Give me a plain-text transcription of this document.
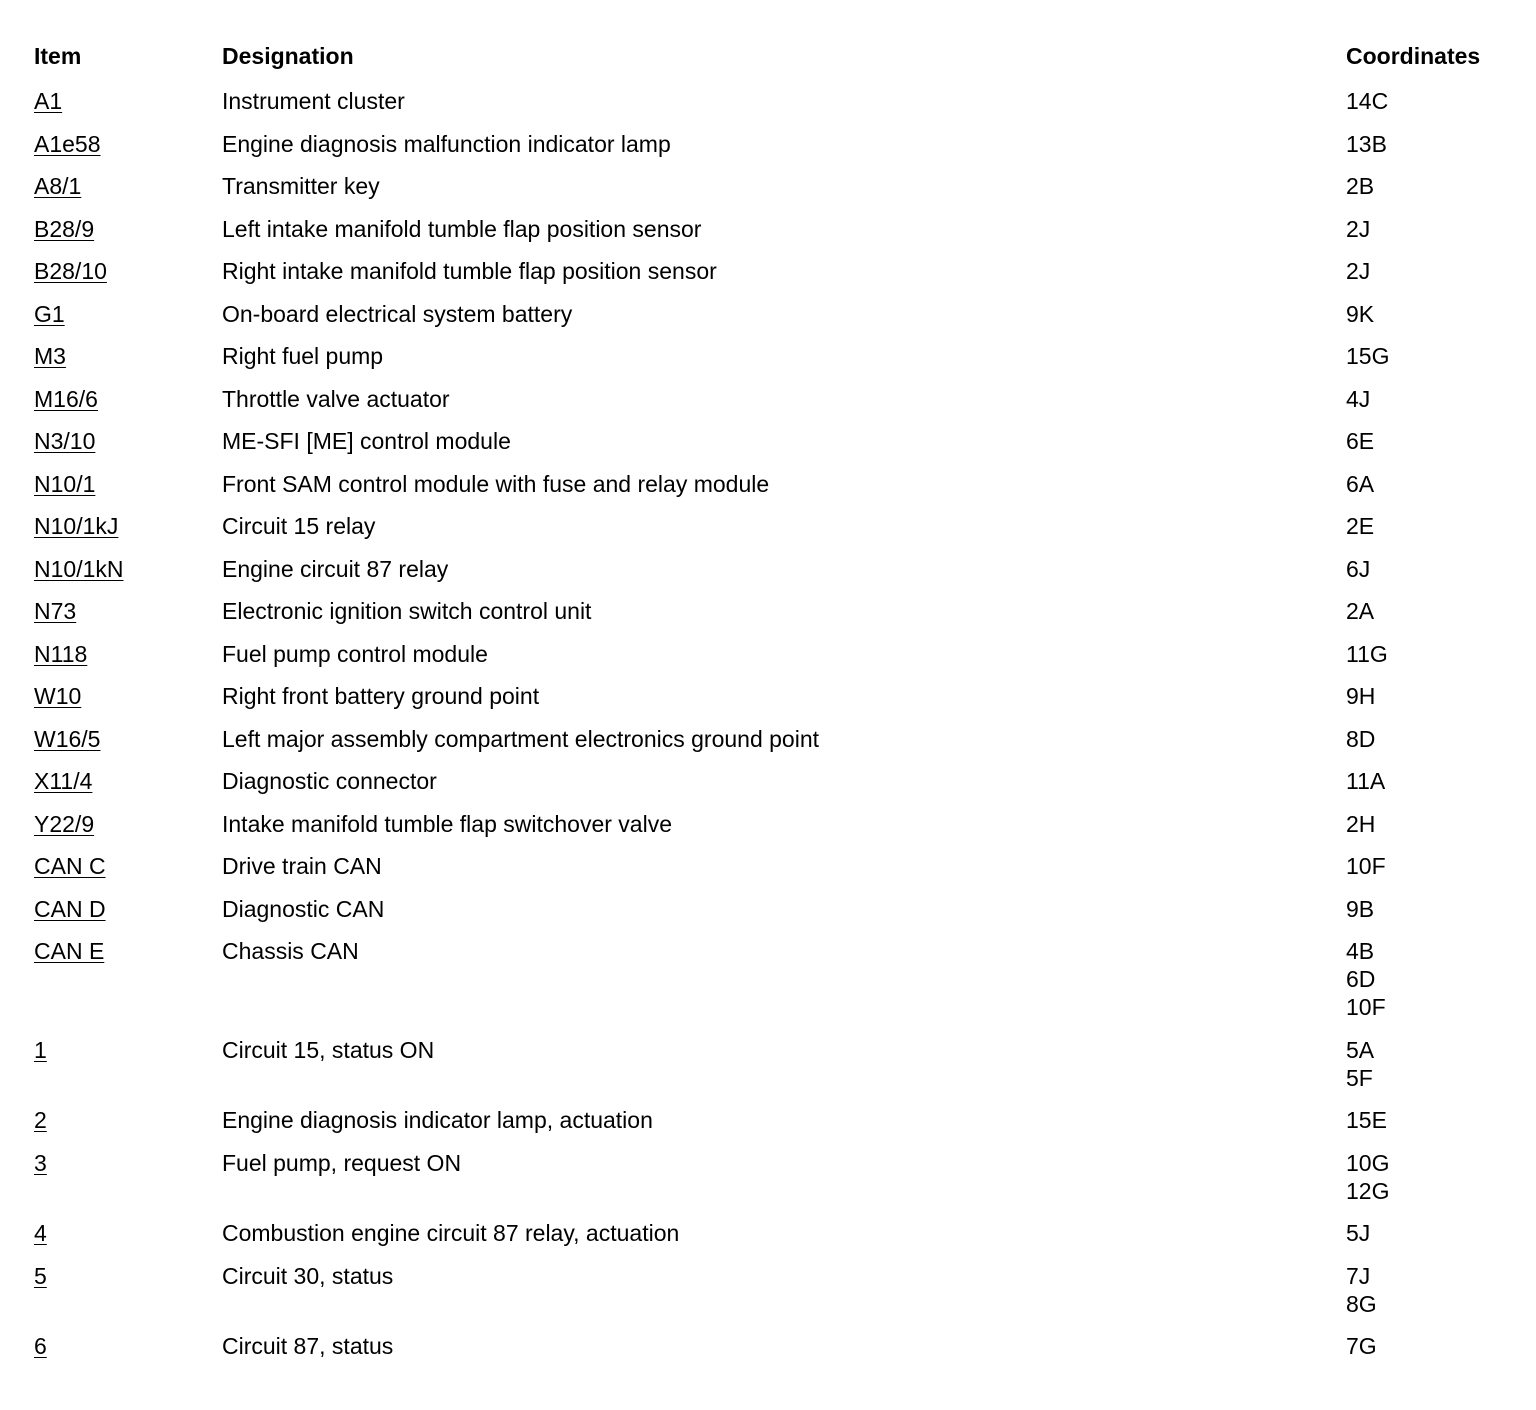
Item	Designation	Coordinates
A1	Instrument cluster	14C
A1e58	Engine diagnosis malfunction indicator lamp	13B
A8/1	Transmitter key	2B
B28/9	Left intake manifold tumble flap position sensor	2J
B28/10	Right intake manifold tumble flap position sensor	2J
G1	On-board electrical system battery	9K
M3	Right fuel pump	15G
M16/6	Throttle valve actuator	4J
N3/10	ME-SFI [ME] control module	6E
N10/1	Front SAM control module with fuse and relay module	6A
N10/1kJ	Circuit 15 relay	2E
N10/1kN	Engine circuit 87 relay	6J
N73	Electronic ignition switch control unit	2A
N118	Fuel pump control module	11G
W10	Right front battery ground point	9H
W16/5	Left major assembly compartment electronics ground point	8D
X11/4	Diagnostic connector	11A
Y22/9	Intake manifold tumble flap switchover valve	2H
CAN C	Drive train CAN	10F
CAN D	Diagnostic CAN	9B
CAN E	Chassis CAN	4B
6D
10F
1	Circuit 15, status ON	5A
5F
2	Engine diagnosis indicator lamp, actuation	15E
3	Fuel pump, request ON	10G
12G
4	Combustion engine circuit 87 relay, actuation	5J
5	Circuit 30, status	7J
8G
6	Circuit 87, status	7G
